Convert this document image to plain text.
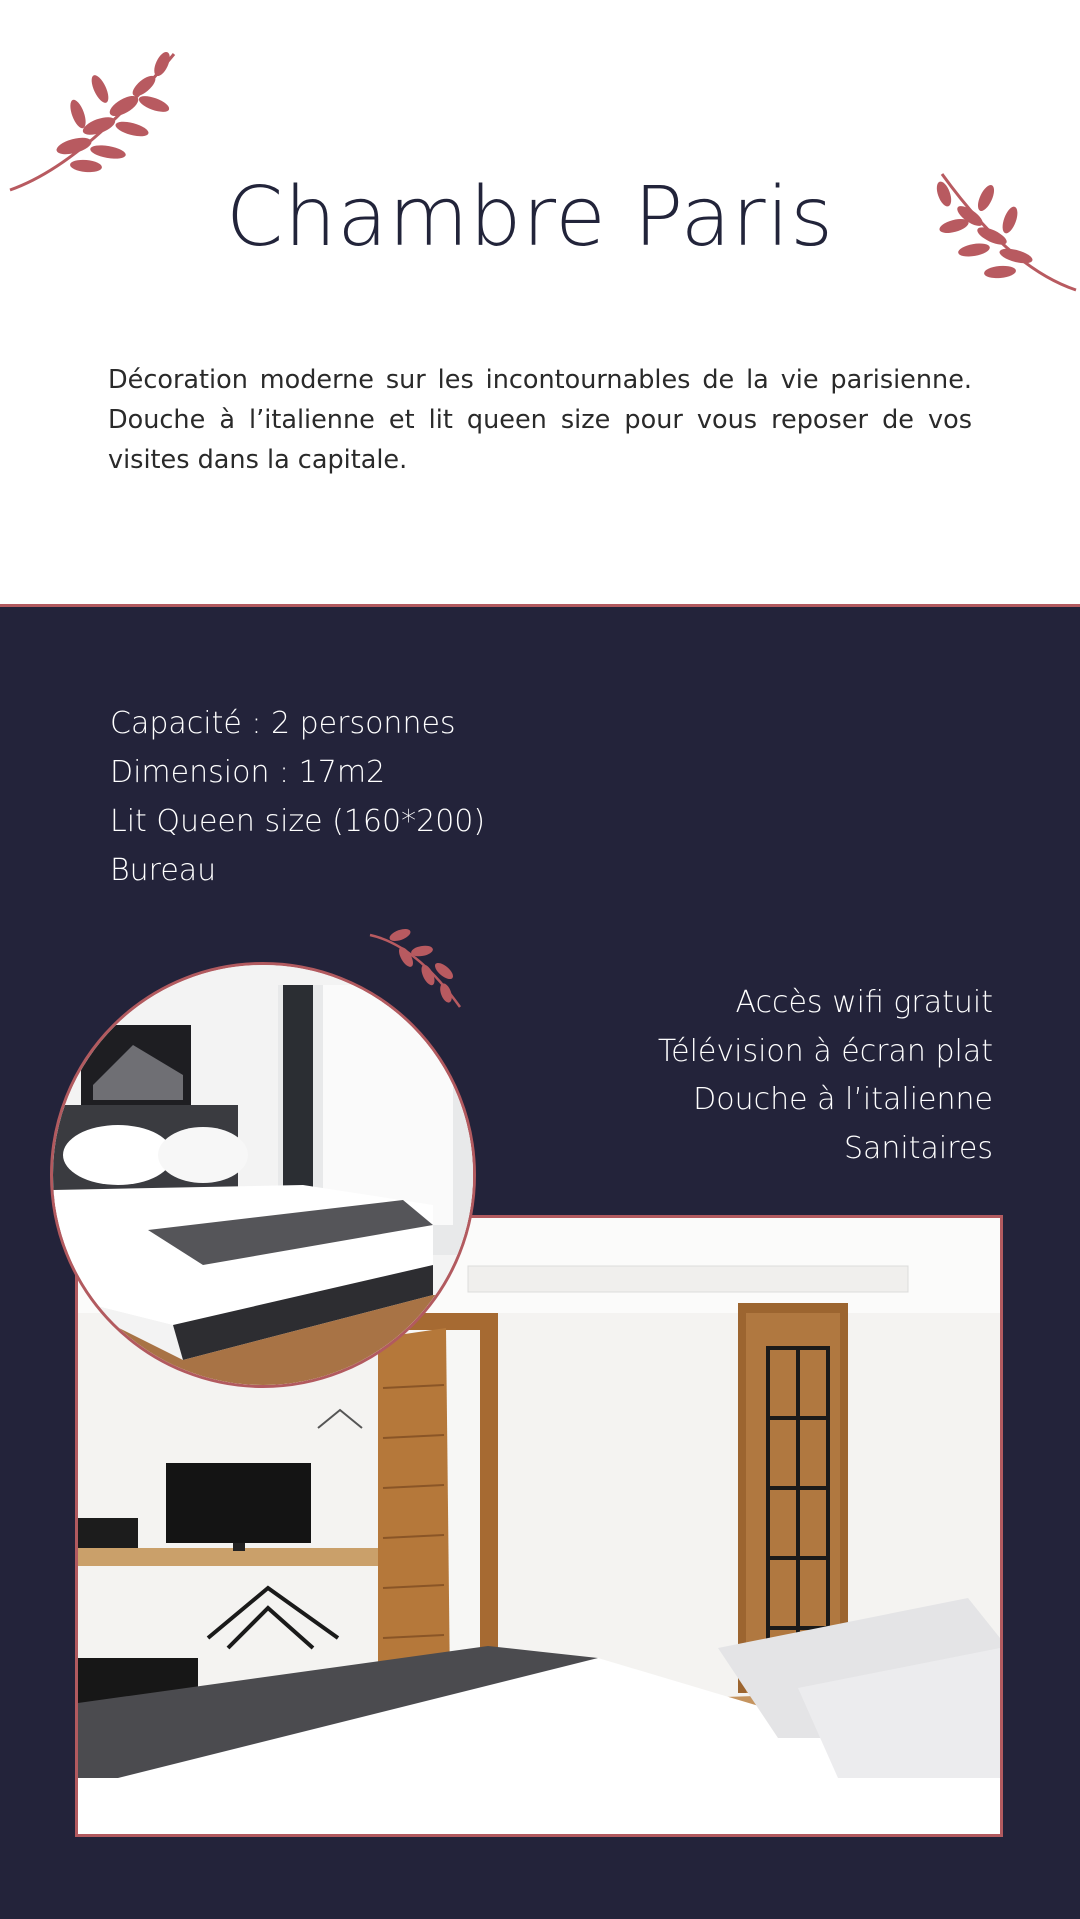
Chambre Paris

Décoration moderne sur les incontournables de la vie parisienne. Douche à l’italienne et lit queen size pour vous reposer de vos visites dans la capitale.

Capacité : 2 personnes
Dimension : 17m2
Lit Queen size (160*200)
Bureau
Accès wifi gratuit
Télévision à écran plat
Douche à l’italienne
Sanitaires
